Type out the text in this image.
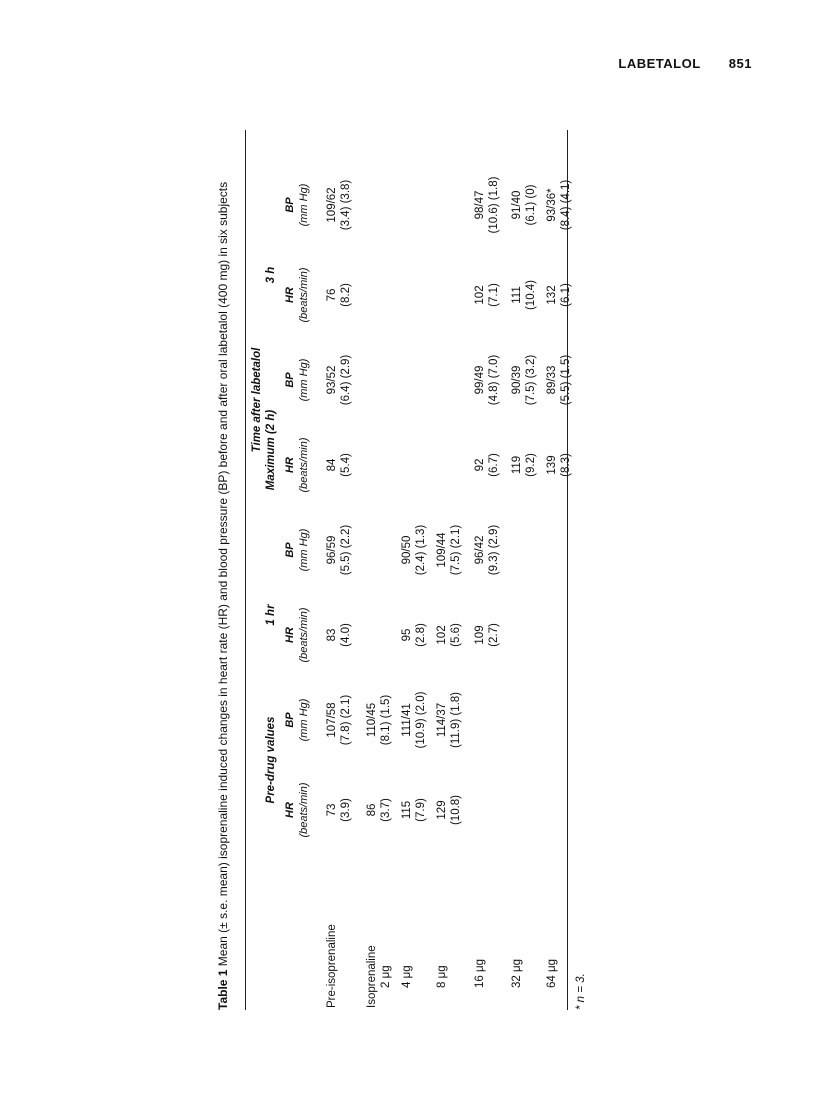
LABETALOL 851
Table 1 Mean (± s.e. mean) isoprenaline induced changes in heart rate (HR) and blood pressure (BP) before and after oral labetalol (400 mg) in six subjects Time after labetalol
Pre-drug values
1 hr
Maximum (2 h)
3 h
HR (beats/min)
BP (mm Hg)
HR (beats/min)
BP (mm Hg)
HR (beats/min)
BP (mm Hg)
HR (beats/min)
BP (mm Hg)
Pre-isoprenaline
73 (3.9)
107/58 (7.8) (2.1)
83 (4.0)
96/59 (5.5) (2.2)
84 (5.4)
93/52 (6.4) (2.9)
76 (8.2)
109/62 (3.4) (3.8)
Isoprenaline 2 μg
86 (3.7)
110/45 (8.1) (1.5)
4 μg
115 (7.9)
111/41 (10.9) (2.0)
95 (2.8)
90/50 (2.4) (1.3)
8 μg
129 (10.8)
114/37 (11.9) (1.8)
102 (5.6)
109/44 (7.5) (2.1)
16 μg
109 (2.7)
96/42 (9.3) (2.9)
92 (6.7)
99/49 (4.8) (7.0)
102 (7.1)
98/47 (10.6) (1.8)
32 μg
119 (9.2)
90/39 (7.5) (3.2)
111 (10.4)
91/40 (6.1) (0)
64 μg
139 (8.3)
89/33 (5.5) (1.5)
132 (6.1)
93/36* (8.4) (4.1)
* n = 3.
